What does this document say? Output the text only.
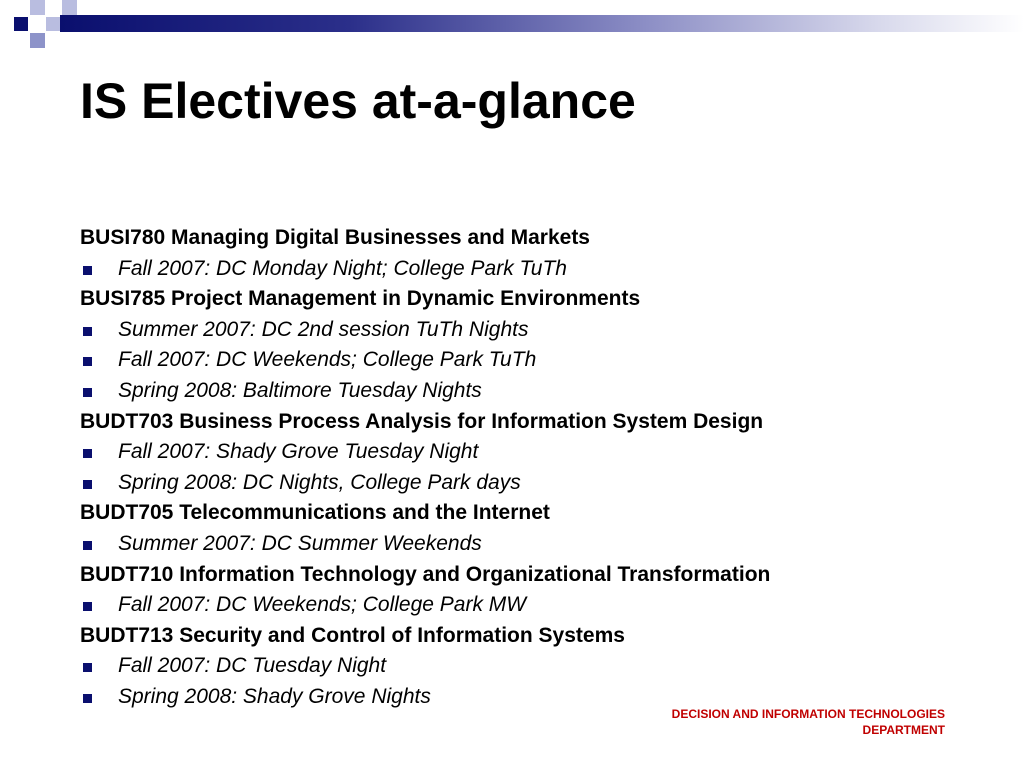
IS Electives at-a-glance
BUSI780 Managing Digital Businesses and Markets
Fall 2007: DC Monday Night; College Park TuTh
BUSI785 Project Management in Dynamic Environments
Summer 2007: DC 2nd session TuTh Nights
Fall 2007: DC Weekends; College Park TuTh
Spring 2008: Baltimore Tuesday Nights
BUDT703 Business Process Analysis for Information System Design
Fall 2007: Shady Grove Tuesday Night
Spring 2008: DC Nights, College Park days
BUDT705 Telecommunications and the Internet
Summer 2007: DC Summer Weekends
BUDT710 Information Technology and Organizational Transformation
Fall 2007: DC Weekends; College Park MW
BUDT713 Security and Control of Information Systems
Fall 2007: DC Tuesday Night
Spring 2008: Shady Grove Nights
DECISION AND INFORMATION TECHNOLOGIES
DEPARTMENT
